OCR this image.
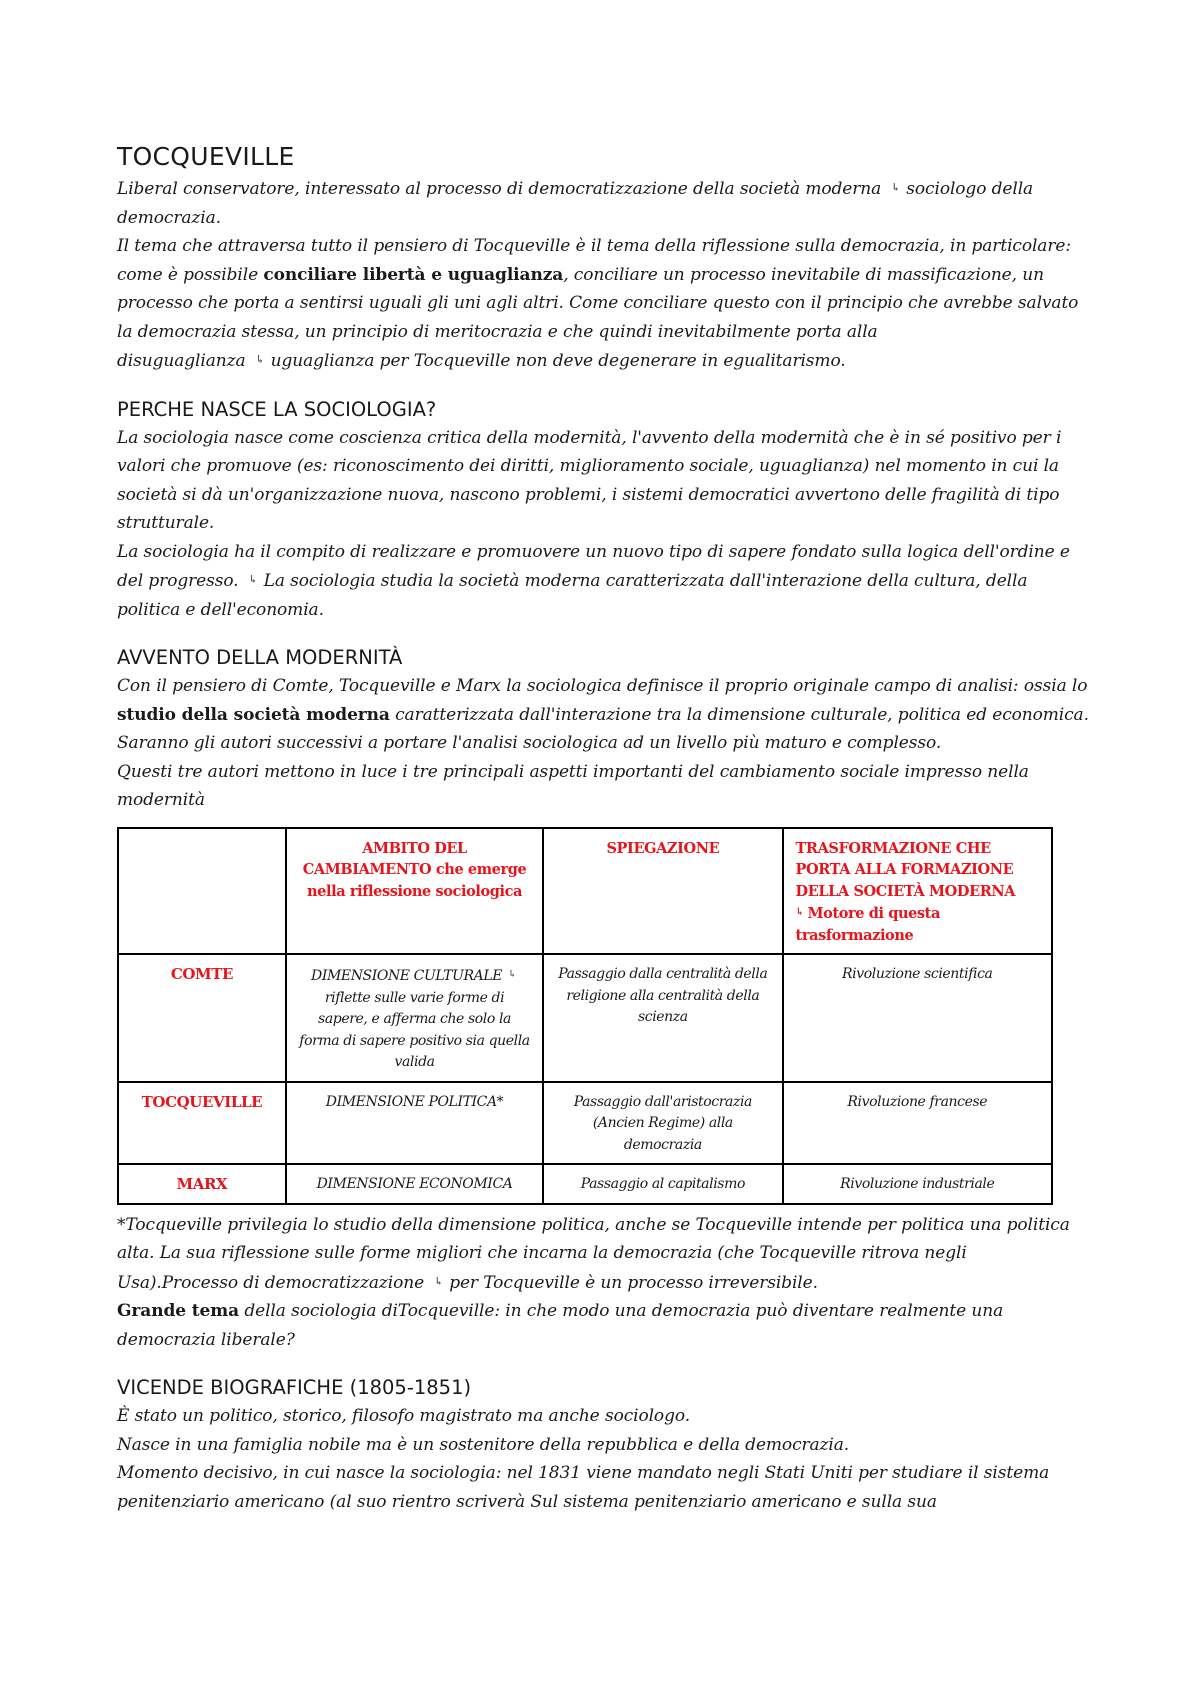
TOCQUEVILLE

Liberal conservatore, interessato al processo di democratizzazione della società moderna ⁠↳ sociologo della democrazia.
Il tema che attraversa tutto il pensiero di Tocqueville è il tema della riflessione sulla democrazia, in particolare: come è possibile conciliare libertà e uguaglianza, conciliare un processo inevitabile di massificazione, un processo che porta a sentirsi uguali gli uni agli altri. Come conciliare questo con il principio che avrebbe salvato la democrazia stessa, un principio di meritocrazia e che quindi inevitabilmente porta alla disuguaglianza ⁠↳ uguaglianza per Tocqueville non deve degenerare in egualitarismo.

PERCHE NASCE LA SOCIOLOGIA?

La sociologia nasce come coscienza critica della modernità, l'avvento della modernità che è in sé positivo per i valori che promuove (es: riconoscimento dei diritti, miglioramento sociale, uguaglianza) nel momento in cui la società si dà un'organizzazione nuova, nascono problemi, i sistemi democratici avvertono delle fragilità di tipo strutturale.
La sociologia ha il compito di realizzare e promuovere un nuovo tipo di sapere fondato sulla logica dell'ordine e del progresso. ⁠↳ La sociologia studia la società moderna caratterizzata dall'interazione della cultura, della politica e dell'economia.

AVVENTO DELLA MODERNITÀ

Con il pensiero di Comte, Tocqueville e Marx la sociologica definisce il proprio originale campo di analisi: ossia lo studio della società moderna caratterizzata dall'interazione tra la dimensione culturale, politica ed economica.
Saranno gli autori successivi a portare l'analisi sociologica ad un livello più maturo e complesso.
Questi tre autori mettono in luce i tre principali aspetti importanti del cambiamento sociale impresso nella modernità

	AMBITO DEL CAMBIAMENTO che emerge nella riflessione sociologica	SPIEGAZIONE	TRASFORMAZIONE CHE PORTA ALLA FORMAZIONE DELLA SOCIETÀ MODERNA
⁠↳ Motore di questa trasformazione
COMTE	DIMENSIONE CULTURALE ⁠↳ riflette sulle varie forme di sapere, e afferma che solo la forma di sapere positivo sia quella valida	Passaggio dalla centralità della religione alla centralità della scienza	Rivoluzione scientifica
TOCQUEVILLE	DIMENSIONE POLITICA*	Passaggio dall'aristocrazia (Ancien Regime) alla democrazia	Rivoluzione francese
MARX	DIMENSIONE ECONOMICA	Passaggio al capitalismo	Rivoluzione industriale

*Tocqueville privilegia lo studio della dimensione politica, anche se Tocqueville intende per politica una politica alta. La sua riflessione sulle forme migliori che incarna la democrazia (che Tocqueville ritrova negli Usa).Processo di democratizzazione ⁠↳ per Tocqueville è un processo irreversibile.
Grande tema della sociologia diTocqueville: in che modo una democrazia può diventare realmente una democrazia liberale?

VICENDE BIOGRAFICHE (1805-1851)

È stato un politico, storico, filosofo magistrato ma anche sociologo.
Nasce in una famiglia nobile ma è un sostenitore della repubblica e della democrazia.
Momento decisivo, in cui nasce la sociologia: nel 1831 viene mandato negli Stati Uniti per studiare il sistema penitenziario americano (al suo rientro scriverà Sul sistema penitenziario americano e sulla sua
